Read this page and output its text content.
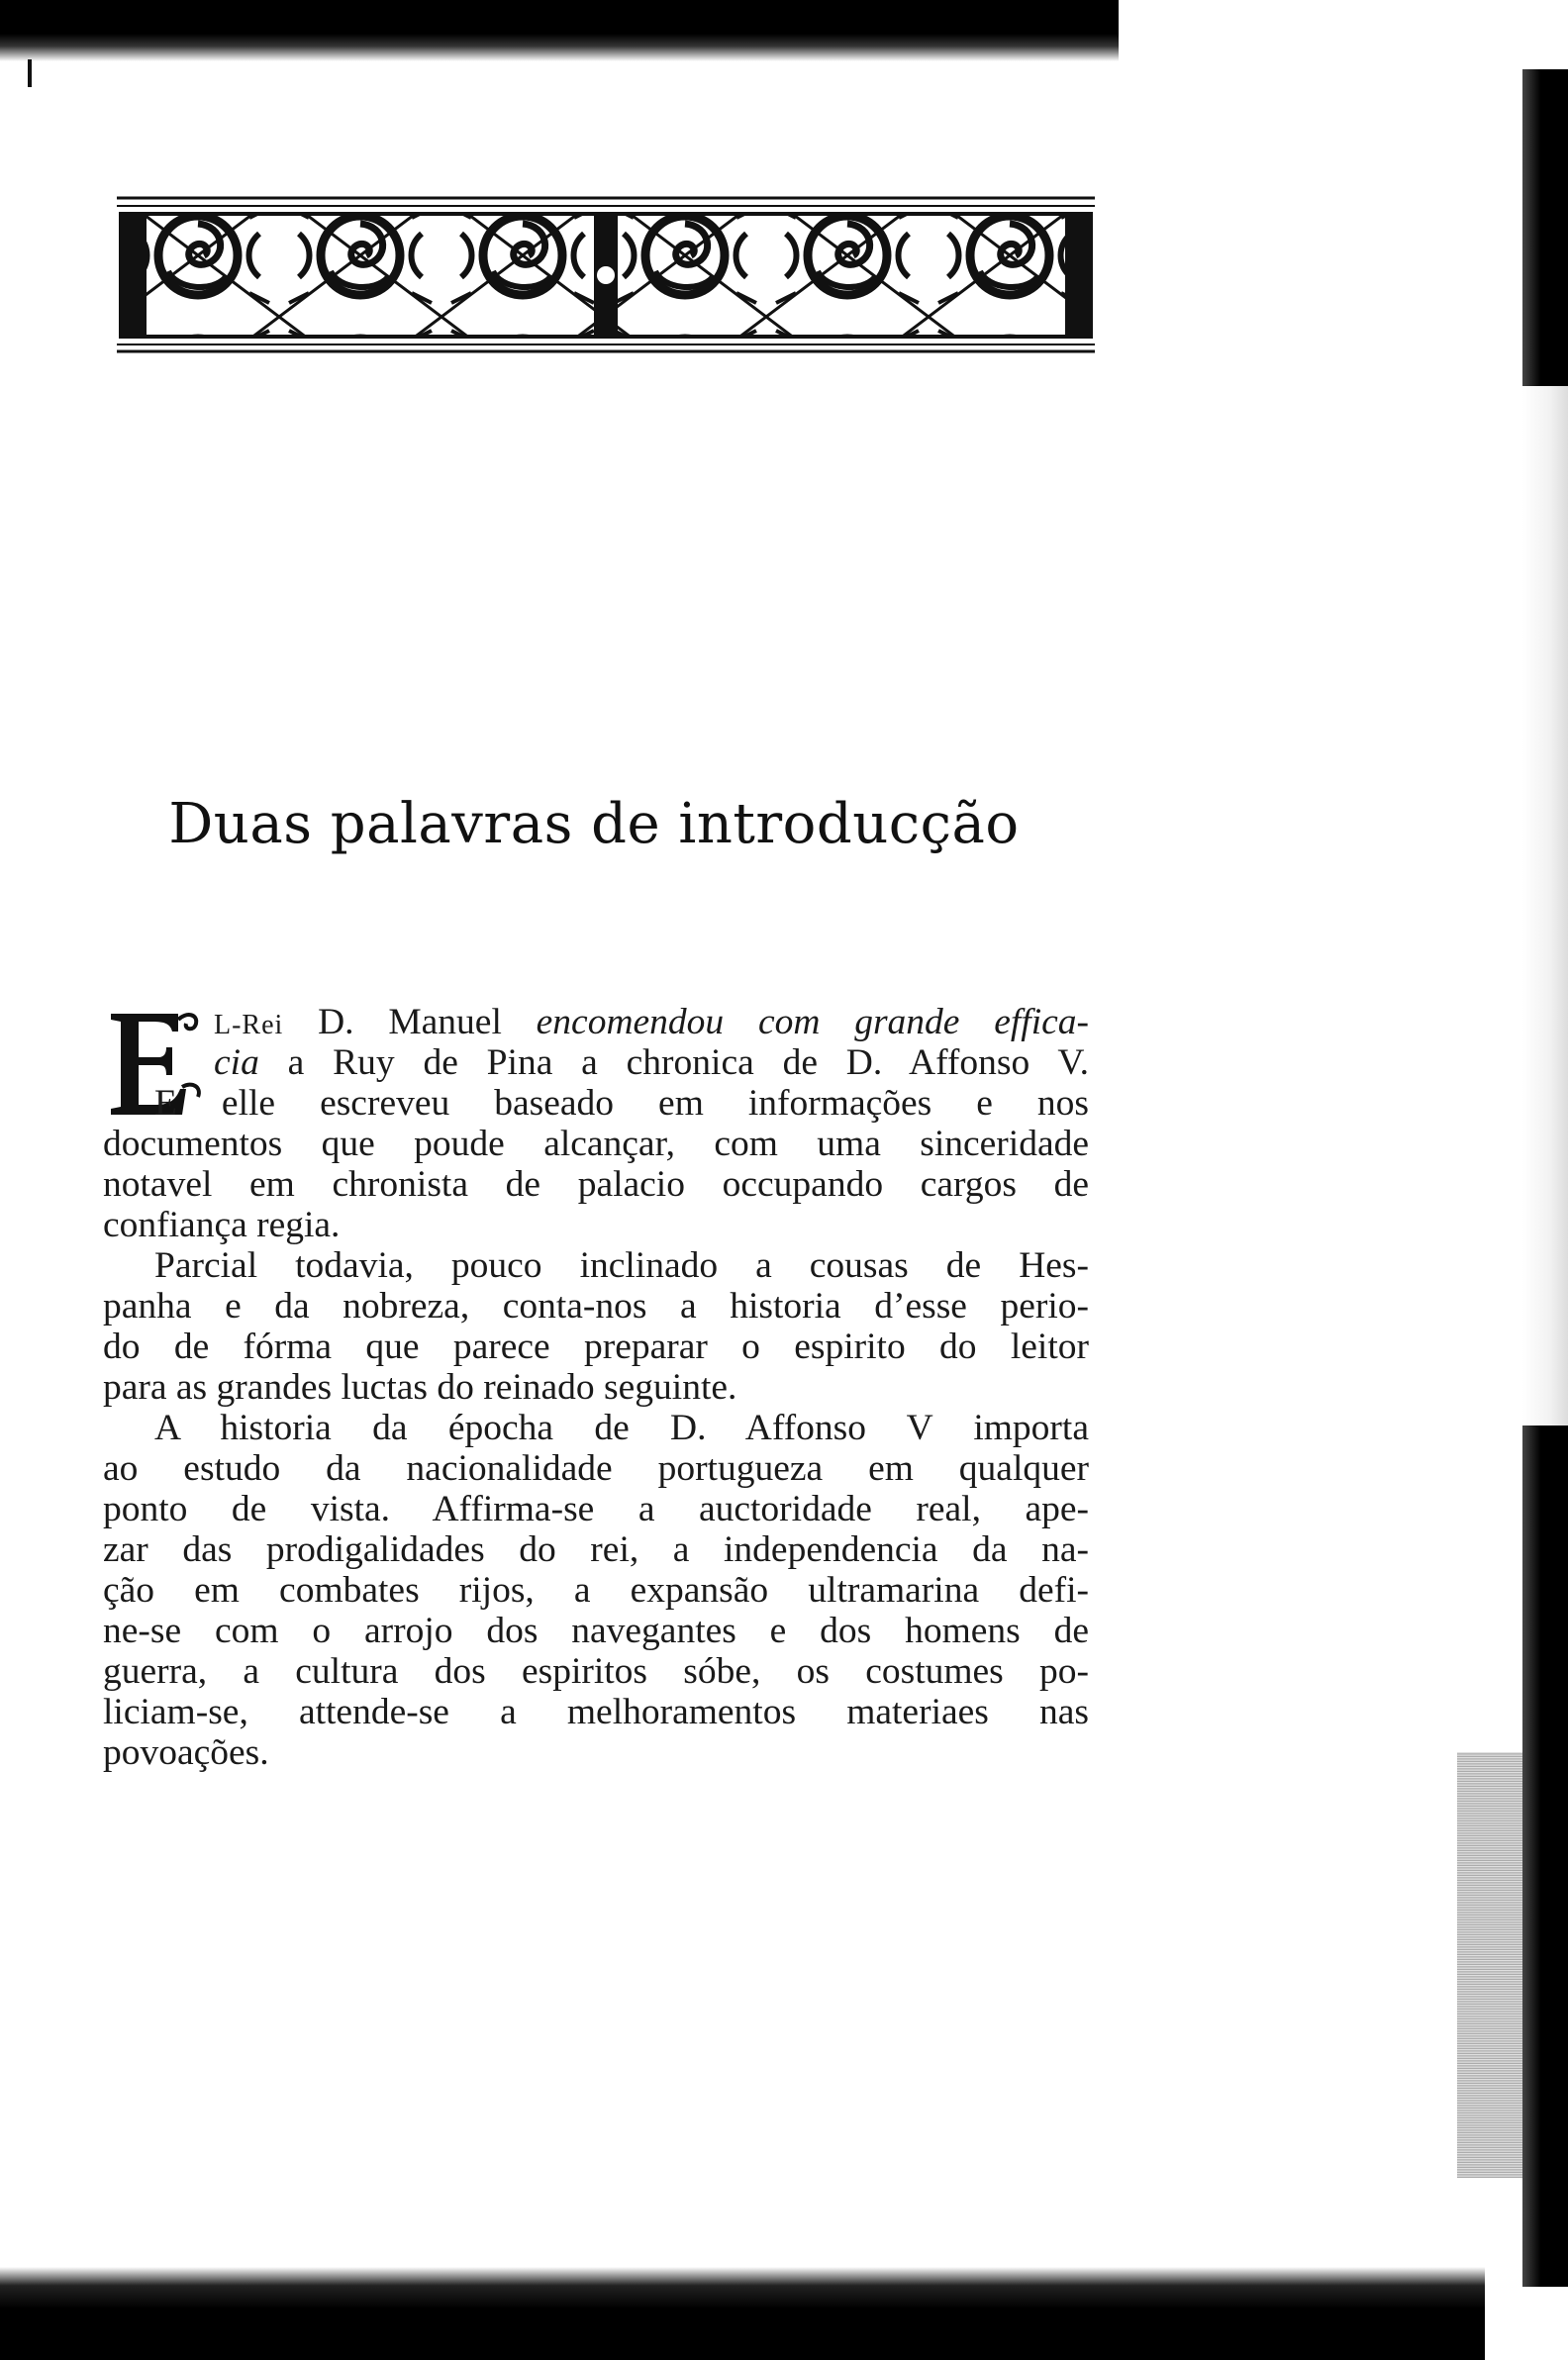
Duas palavras de introducção
L-Rei D. Manuel encomendou com grande effica-
cia a Ruy de Pina a chronica de D. Affonso V.
E elle escreveu baseado em informações e nos
documentos que poude alcançar, com uma sinceridade
notavel em chronista de palacio occupando cargos de
confiança regia.
Parcial todavia, pouco inclinado a cousas de Hes-
panha e da nobreza, conta-nos a historia d’esse perio-
do de fórma que parece preparar o espirito do leitor
para as grandes luctas do reinado seguinte.
A historia da épocha de D. Affonso V importa
ao estudo da nacionalidade portugueza em qualquer
ponto de vista. Affirma-se a auctoridade real, ape-
zar das prodigalidades do rei, a independencia da na-
ção em combates rijos, a expansão ultramarina defi-
ne-se com o arrojo dos navegantes e dos homens de
guerra, a cultura dos espiritos sóbe, os costumes po-
liciam-se, attende-se a melhoramentos materiaes nas
povoações.
